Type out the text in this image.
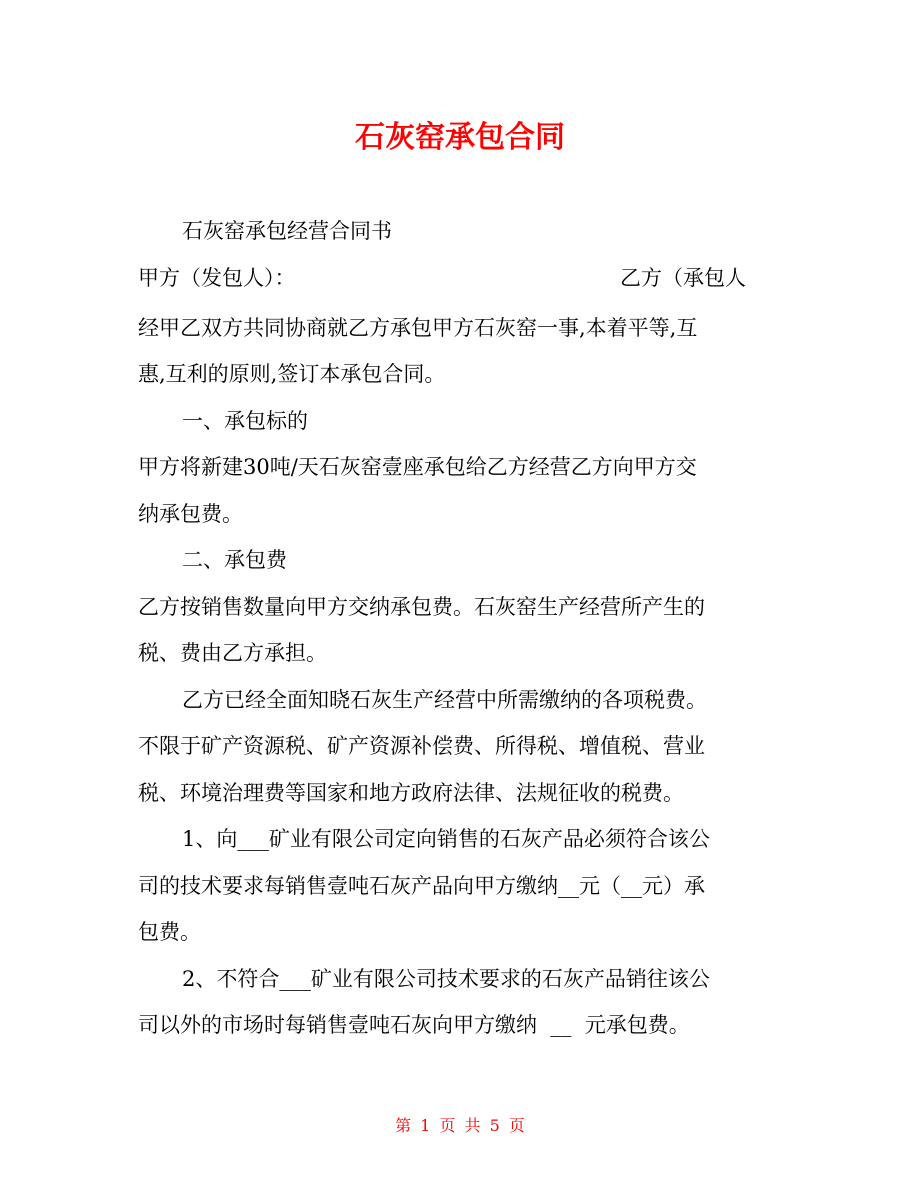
石灰窑承包合同
石灰窑承包经营合同书
甲方（发包人）：	乙方（承包人
经甲乙双方共同协商就乙方承包甲方石灰窑一事,本着平等,互
惠,互利的原则,签订本承包合同。
一、承包标的
甲方将新建30吨/天石灰窑壹座承包给乙方经营乙方向甲方交
纳承包费。
二、承包费
乙方按销售数量向甲方交纳承包费。石灰窑生产经营所产生的
税、费由乙方承担。
乙方已经全面知晓石灰生产经营中所需缴纳的各项税费。
不限于矿产资源税、矿产资源补偿费、所得税、增值税、营业
税、环境治理费等国家和地方政府法律、法规征收的税费。
1、向___矿业有限公司定向销售的石灰产品必须符合该公
司的技术要求每销售壹吨石灰产品向甲方缴纳__元（__元）承
包费。
2、不符合___矿业有限公司技术要求的石灰产品销往该公
司以外的市场时每销售壹吨石灰向甲方缴纳  __  元承包费。
第 1 页 共 5 页
